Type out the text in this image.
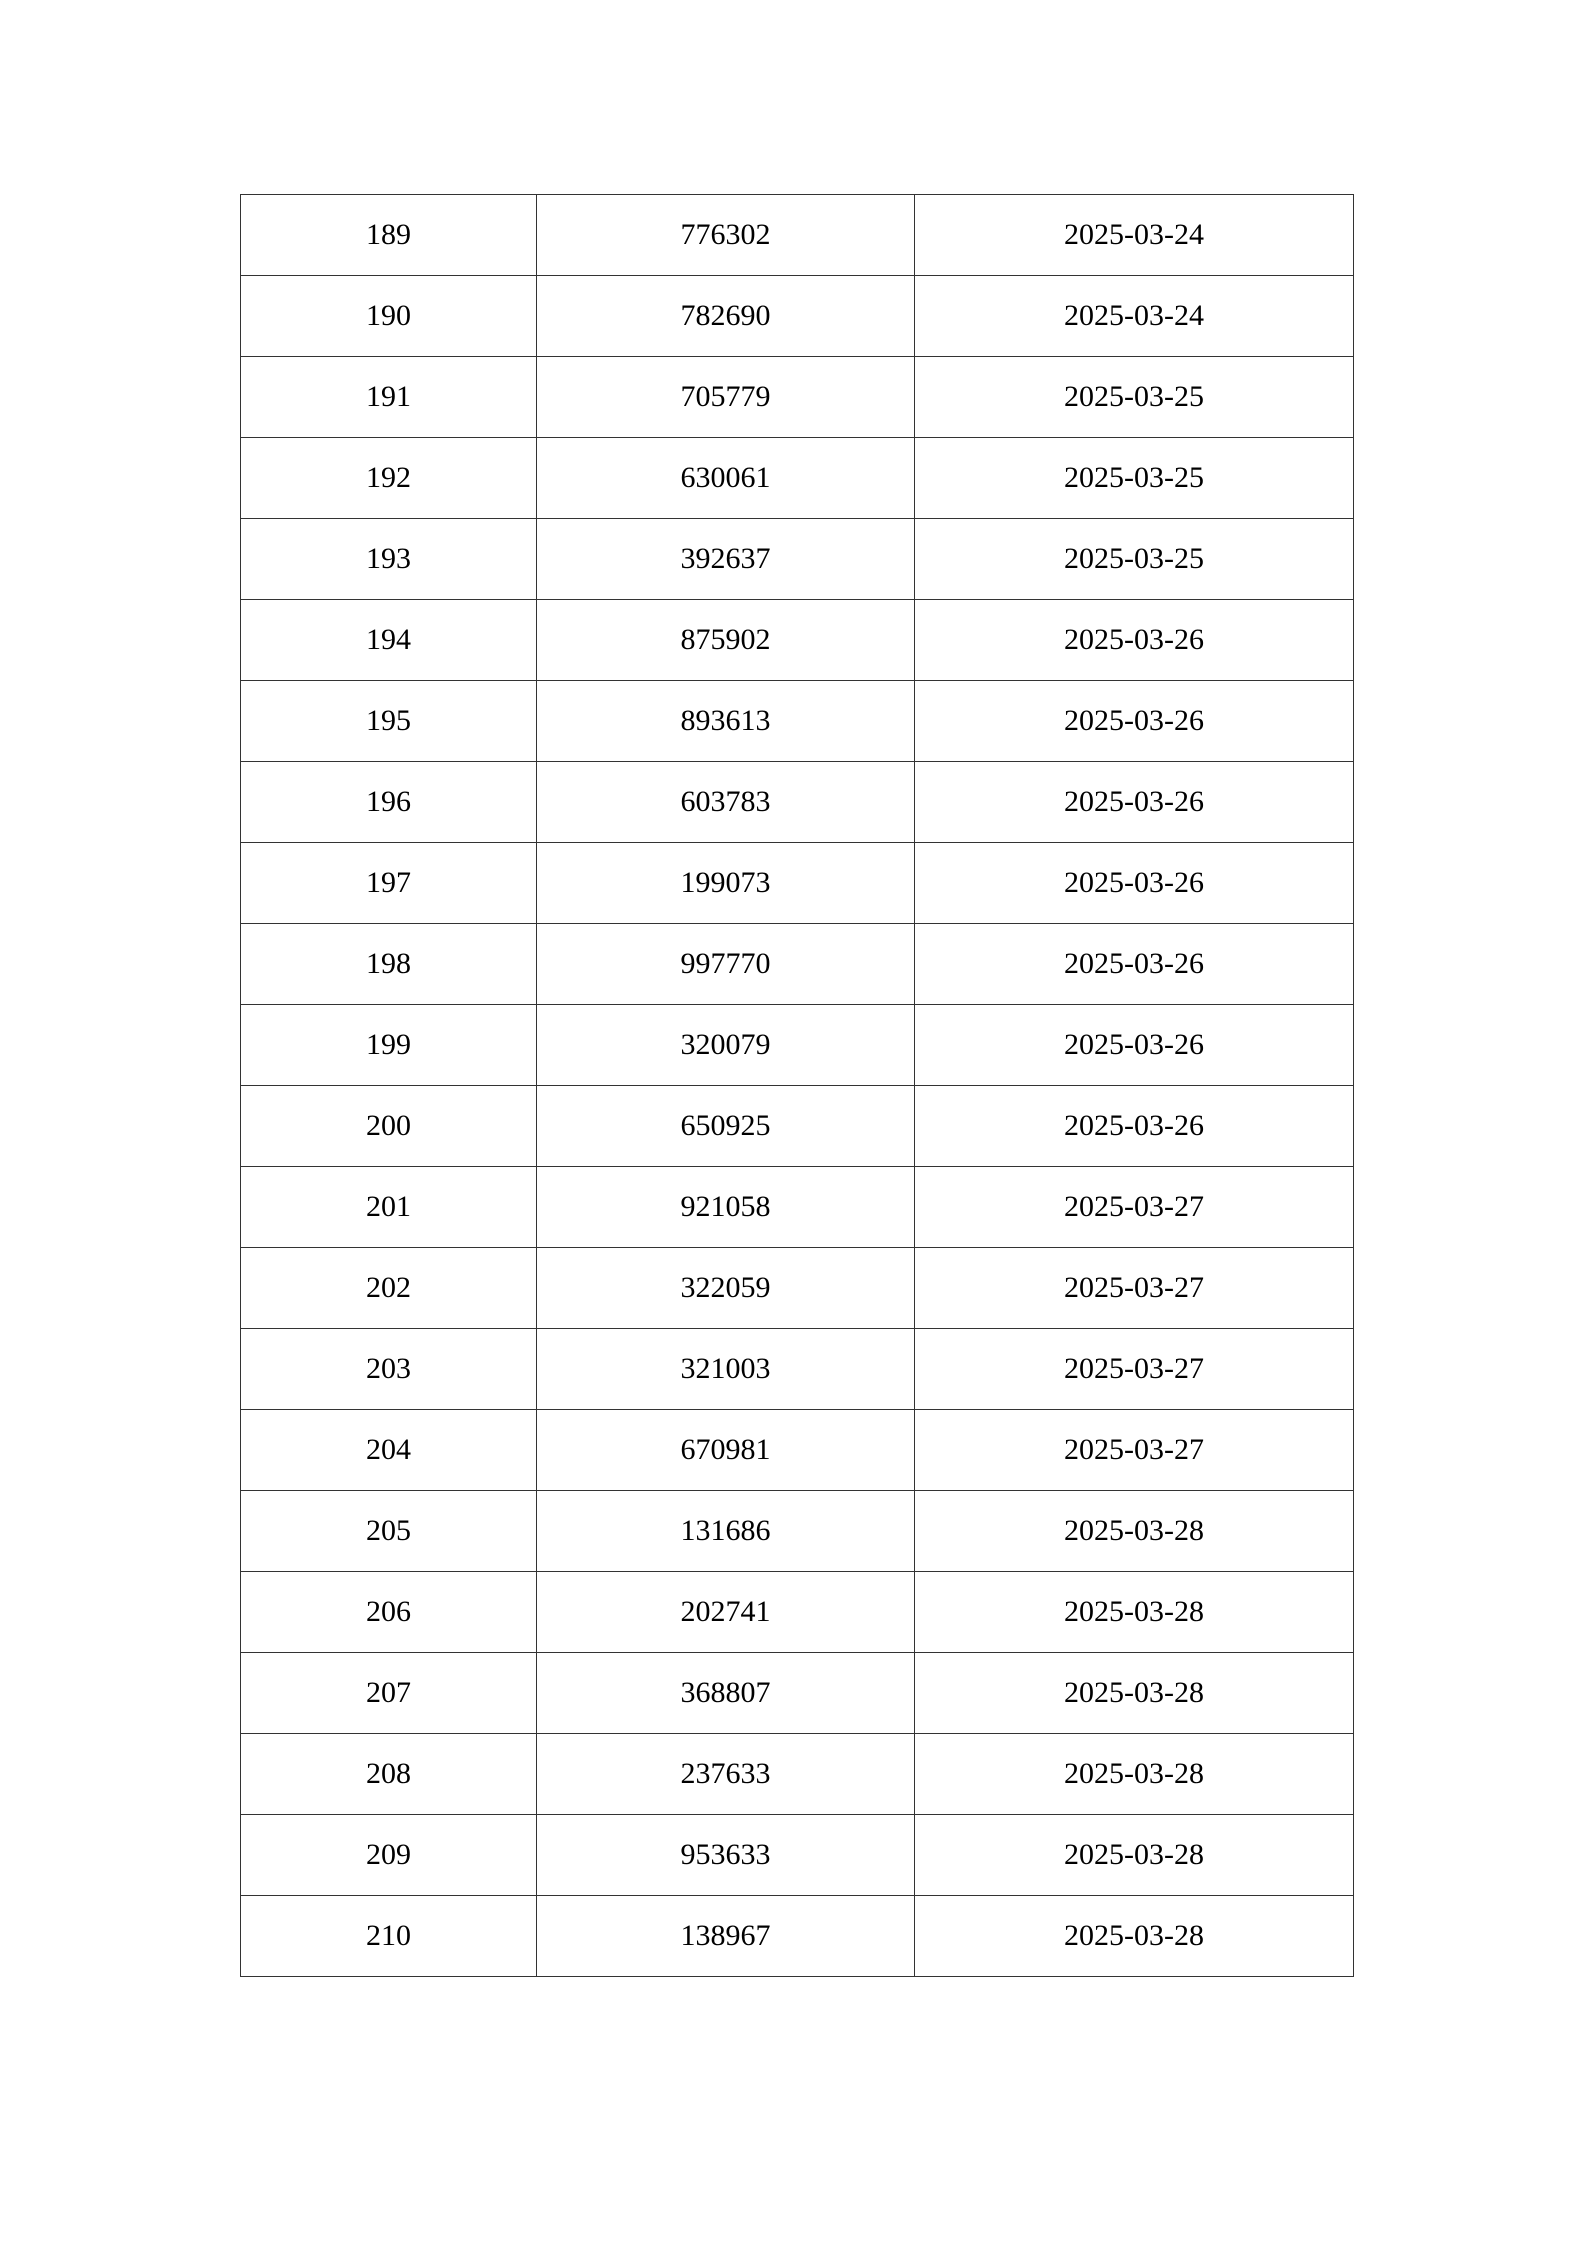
189	776302	2025-03-24
190	782690	2025-03-24
191	705779	2025-03-25
192	630061	2025-03-25
193	392637	2025-03-25
194	875902	2025-03-26
195	893613	2025-03-26
196	603783	2025-03-26
197	199073	2025-03-26
198	997770	2025-03-26
199	320079	2025-03-26
200	650925	2025-03-26
201	921058	2025-03-27
202	322059	2025-03-27
203	321003	2025-03-27
204	670981	2025-03-27
205	131686	2025-03-28
206	202741	2025-03-28
207	368807	2025-03-28
208	237633	2025-03-28
209	953633	2025-03-28
210	138967	2025-03-28
